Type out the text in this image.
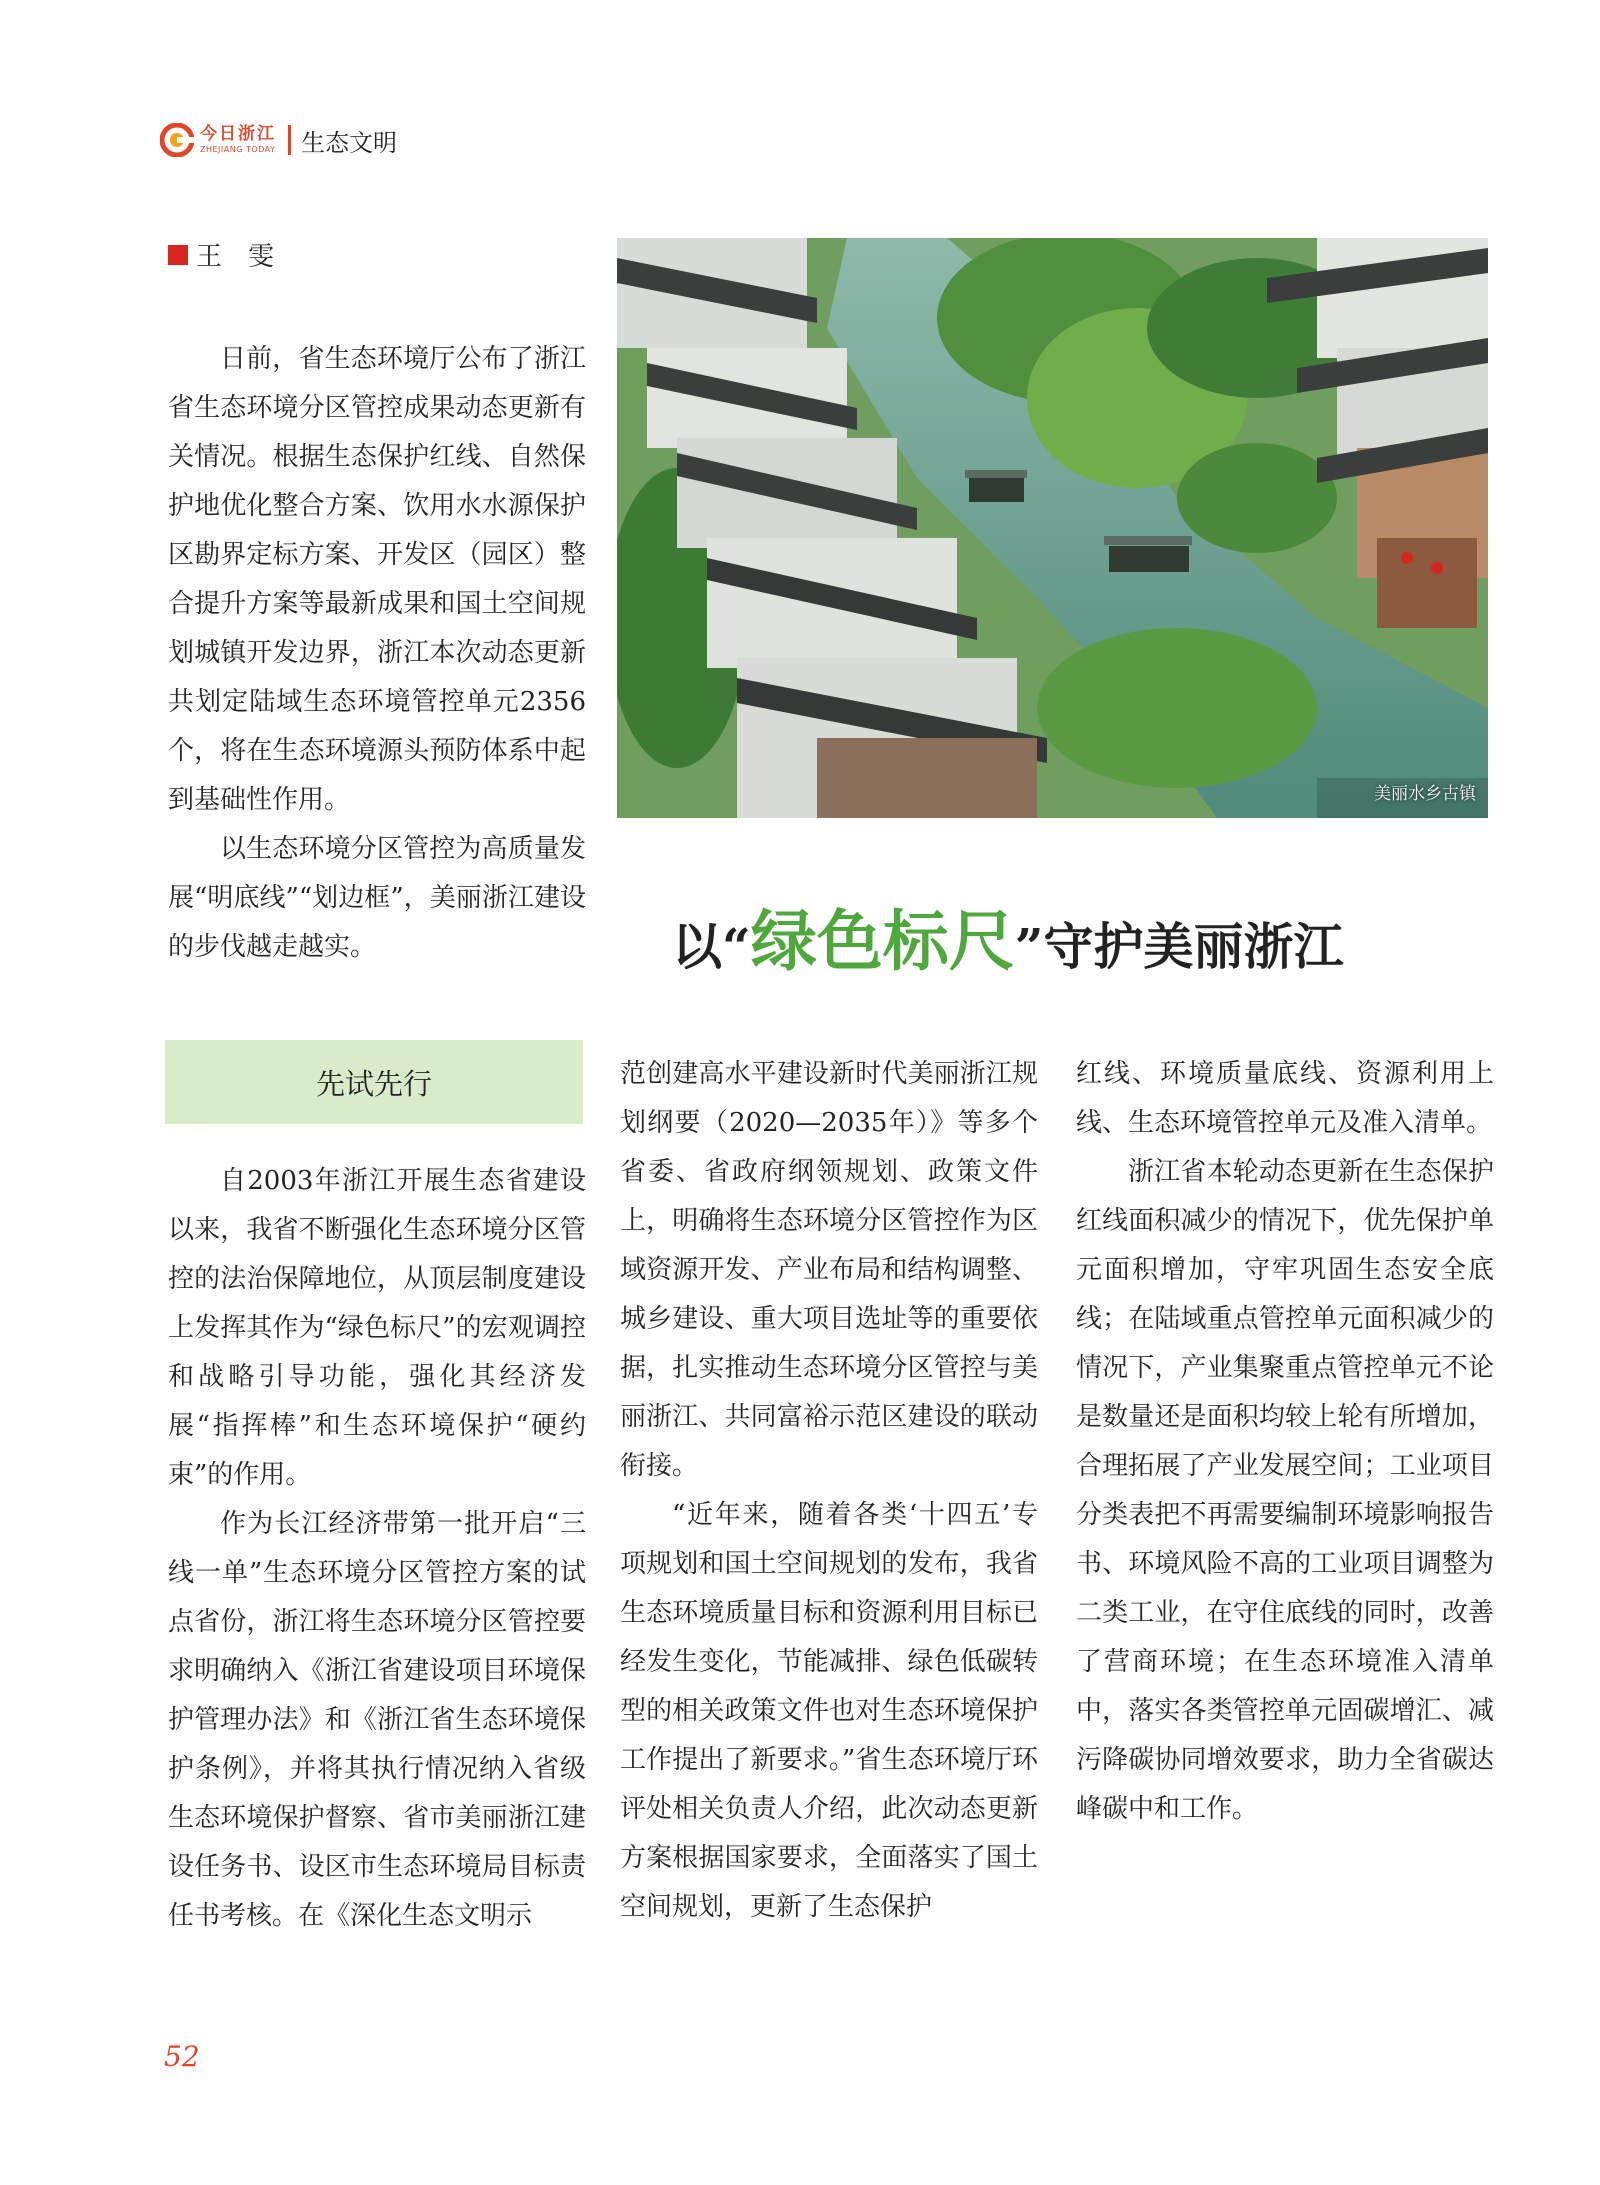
今日浙江
ZHEJIANG TODAY 生态文明
王　雯

日前，省生态环境厅公布了浙江省生态环境分区管控成果动态更新有关情况。根据生态保护红线、自然保护地优化整合方案、饮用水水源保护区勘界定标方案、开发区（园区）整合提升方案等最新成果和国土空间规划城镇开发边界，浙江本次动态更新共划定陆域生态环境管控单元2356个，将在生态环境源头预防体系中起到基础性作用。

以生态环境分区管控为高质量发展“明底线”“划边框”，美丽浙江建设的步伐越走越实。

美丽水乡古镇
以“绿色标尺”守护美丽浙江
先试先行

自2003年浙江开展生态省建设以来，我省不断强化生态环境分区管控的法治保障地位，从顶层制度建设上发挥其作为“绿色标尺”的宏观调控和战略引导功能，强化其经济发展“指挥棒”和生态环境保护“硬约束”的作用。

作为长江经济带第一批开启“三线一单”生态环境分区管控方案的试点省份，浙江将生态环境分区管控要求明确纳入《浙江省建设项目环境保护管理办法》和《浙江省生态环境保护条例》，并将其执行情况纳入省级生态环境保护督察、省市美丽浙江建设任务书、设区市生态环境局目标责任书考核。在《深化生态文明示

范创建高水平建设新时代美丽浙江规划纲要（2020—2035年）》等多个省委、省政府纲领规划、政策文件上，明确将生态环境分区管控作为区域资源开发、产业布局和结构调整、城乡建设、重大项目选址等的重要依据，扎实推动生态环境分区管控与美丽浙江、共同富裕示范区建设的联动衔接。

“近年来，随着各类‘十四五’专项规划和国土空间规划的发布，我省生态环境质量目标和资源利用目标已经发生变化，节能减排、绿色低碳转型的相关政策文件也对生态环境保护工作提出了新要求。”省生态环境厅环评处相关负责人介绍，此次动态更新方案根据国家要求，全面落实了国土空间规划，更新了生态保护

红线、环境质量底线、资源利用上线、生态环境管控单元及准入清单。

浙江省本轮动态更新在生态保护红线面积减少的情况下，优先保护单元面积增加，守牢巩固生态安全底线；在陆域重点管控单元面积减少的情况下，产业集聚重点管控单元不论是数量还是面积均较上轮有所增加，合理拓展了产业发展空间；工业项目分类表把不再需要编制环境影响报告书、环境风险不高的工业项目调整为二类工业，在守住底线的同时，改善了营商环境；在生态环境准入清单中，落实各类管控单元固碳增汇、减污降碳协同增效要求，助力全省碳达峰碳中和工作。

52
